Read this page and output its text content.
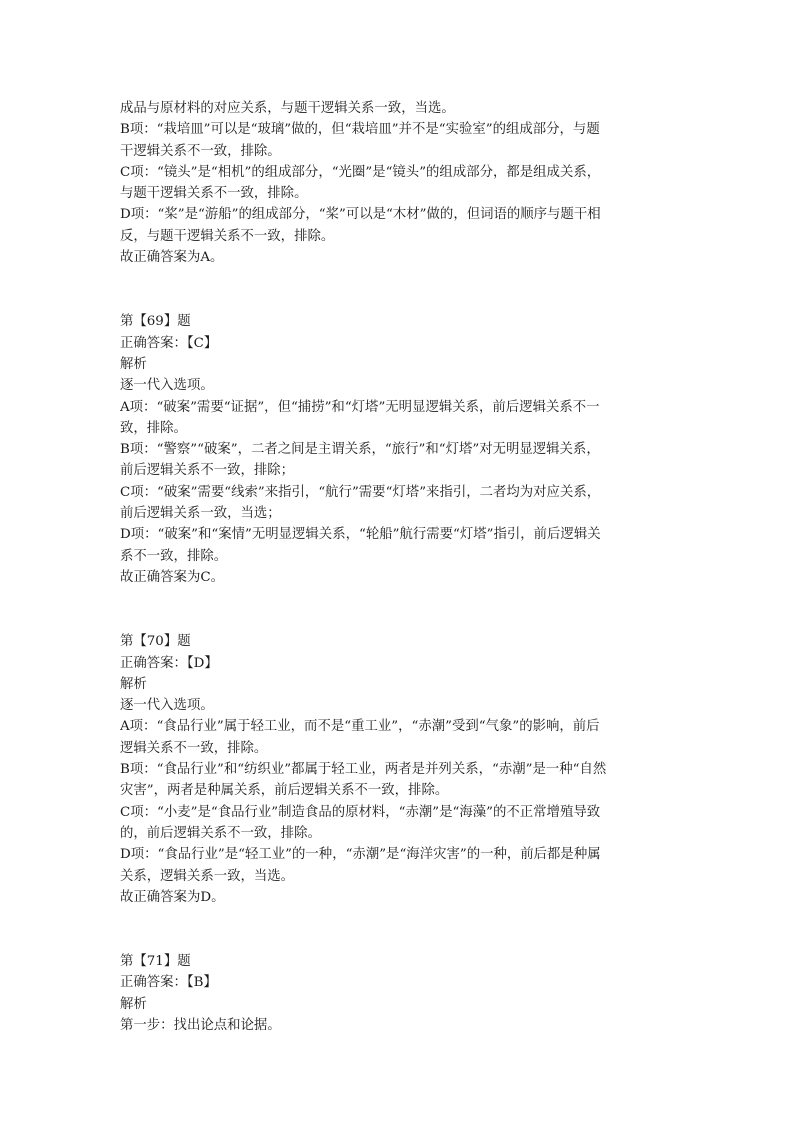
成品与原材料的对应关系，与题干逻辑关系一致，当选。
B项：“栽培皿”可以是“玻璃”做的，但“栽培皿”并不是“实验室”的组成部分，与题
干逻辑关系不一致，排除。
C项：“镜头”是“相机”的组成部分，“光圈”是“镜头”的组成部分，都是组成关系，
与题干逻辑关系不一致，排除。
D项：“桨”是“游船”的组成部分，“桨”可以是“木材”做的，但词语的顺序与题干相
反，与题干逻辑关系不一致，排除。
故正确答案为A。
第【69】题
正确答案：【C】
解析
逐一代入选项。
A项：“破案”需要“证据”，但“捕捞”和“灯塔”无明显逻辑关系，前后逻辑关系不一
致，排除。
B项：“警察”“破案”，二者之间是主谓关系，“旅行”和“灯塔”对无明显逻辑关系，
前后逻辑关系不一致，排除；
C项：“破案”需要“线索”来指引，“航行”需要“灯塔”来指引，二者均为对应关系，
前后逻辑关系一致，当选；
D项：“破案”和“案情”无明显逻辑关系，“轮船”航行需要“灯塔”指引，前后逻辑关
系不一致，排除。
故正确答案为C。
第【70】题
正确答案：【D】
解析
逐一代入选项。
A项：“食品行业”属于轻工业，而不是“重工业”，“赤潮”受到“气象”的影响，前后
逻辑关系不一致，排除。
B项：“食品行业”和“纺织业”都属于轻工业，两者是并列关系，“赤潮”是一种“自然
灾害”，两者是种属关系，前后逻辑关系不一致，排除。
C项：“小麦”是“食品行业”制造食品的原材料，“赤潮”是“海藻”的不正常增殖导致
的，前后逻辑关系不一致，排除。
D项：“食品行业”是“轻工业”的一种，“赤潮”是“海洋灾害”的一种，前后都是种属
关系，逻辑关系一致，当选。
故正确答案为D。
第【71】题
正确答案：【B】
解析
第一步：找出论点和论据。
